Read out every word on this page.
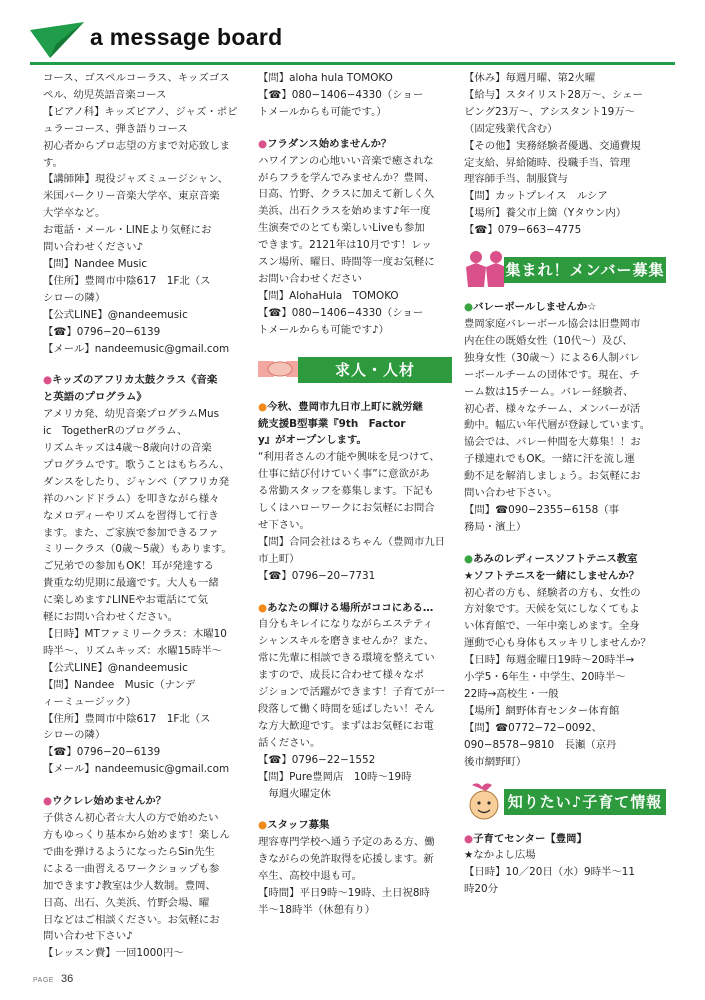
a message board

コース、ゴスペルコーラス、キッズゴス

ペル、幼児英語音楽コース

【ピアノ科】キッズピアノ、ジャズ・ポピ

ュラーコース、弾き語りコース

初心者からプロ志望の方まで対応致します。

【講師陣】現役ジャズミュージシャン、

米国バークリー音楽大学卒、東京音楽

大学卒など。

お電話・メール・LINEより気軽にお

問い合わせください♪

【問】Nandee Music

【住所】豊岡市中陰617　1F北（ス

シローの隣）

【公式LINE】@nandeemusic

【☎】0796−20−6139

【メール】nandeemusic@gmail.com

●キッズのアフリカ太鼓クラス《音楽

と英語のプログラム》

アメリカ発、幼児音楽プログラムMus

ic　TogetherRのプログラム、

リズムキッズは4歳〜8歳向けの音楽

プログラムです。歌うことはもちろん、

ダンスをしたり、ジャンベ（アフリカ発

祥のハンドドラム）を叩きながら様々

なメロディーやリズムを習得して行き

ます。また、ご家族で参加できるファ

ミリークラス（0歳〜5歳）もあります。

ご兄弟での参加もOK！耳が発達する

貴重な幼児期に最適です。大人も一緒

に楽しめます♪LINEやお電話にて気

軽にお問い合わせください。

【日時】MTファミリークラス：木曜10

時半〜、リズムキッズ：水曜15時半〜

【公式LINE】@nandeemusic

【問】Nandee　Music（ナンデ

ィーミュージック）

【住所】豊岡市中陰617　1F北（ス

シローの隣）

【☎】0796−20−6139

【メール】nandeemusic@gmail.com

●ウクレレ始めませんか？

子供さん初心者☆大人の方で始めたい

方もゆっくり基本から始めます！楽しん

で曲を弾けるようになったらSin先生

による一曲習えるワークショップも参

加できます♪教室は少人数制。豊岡、

日高、出石、久美浜、竹野会場、曜

日などはご相談ください。お気軽にお

問い合わせ下さい♪

【レッスン費】一回1000円〜

【問】aloha hula TOMOKO

【☎】080−1406−4330（ショー

トメールからも可能です。）

●フラダンス始めませんか？

ハワイアンの心地いい音楽で癒されな

がらフラを学んでみませんか？豊岡、

日高、竹野、クラスに加えて新しく久

美浜、出石クラスを始めます♪年一度

生演奏でのとても楽しいLiveも参加

できます。2121年は10月です！レッ

スン場所、曜日、時間等一度お気軽に

お問い合わせください

【問】AlohaHula　TOMOKO

【☎】080−1406−4330（ショー

トメールからも可能です♪）

求人・人材

●今秋、豊岡市九日市上町に就労継

続支援B型事業『9th　Factor

y』がオープンします。

“利用者さんの才能や興味を見つけて、

仕事に結び付けていく事”に意欲があ

る常勤スタッフを募集します。下記も

しくはハローワークにお気軽にお問合

せ下さい。

【問】合同会社はるちゃん（豊岡市九日

市上町）

【☎】0796−20−7731

●あなたの輝ける場所がココにある…

自分もキレイになりながらエステティ

シャンスキルを磨きませんか？また、

常に先輩に相談できる環境を整えてい

ますので、成長に合わせて様々なポ

ジションで活躍ができます！子育てが一

段落して働く時間を延ばしたい！そん

な方大歓迎です。まずはお気軽にお電

話ください。

【☎】0796−22−1552

【問】Pure豊岡店　10時〜19時

　毎週火曜定休

●スタッフ募集

理容専門学校へ通う予定のある方、働

きながらの免許取得を応援します。新

卒生、高校中退も可。

【時間】平日9時〜19時、土日祝8時

半〜18時半（休憩有り）

【休み】毎週月曜、第2火曜

【給与】スタイリスト28万〜、シェー

ビング23万〜、アシスタント19万〜

（固定残業代含む）

【その他】実務経験者優遇、交通費規

定支給、昇給随時、役職手当、管理

理容師手当、制服貸与

【問】カットプレイス　ルシア

【場所】養父市上箇（Yタウン内）

【☎】079−663−4775

集まれ！メンバー募集

●バレーボールしませんか☆

豊岡家庭バレーボール協会は旧豊岡市

内在住の既婚女性（10代〜）及び、

独身女性（30歳〜）による6人制バレ

ーボールチームの団体です。現在、チ

ーム数は15チーム。バレー経験者、

初心者、様々なチーム、メンバーが活

動中。幅広い年代層が登録しています。

協会では、バレー仲間を大募集！！お

子様連れでもOK。一緒に汗を流し運

動不足を解消しましょう。お気軽にお

問い合わせ下さい。

【問】☎090−2355−6158（事

務局・濱上）

●あみのレディースソフトテニス教室

★ソフトテニスを一緒にしませんか？

初心者の方も、経験者の方も、女性の

方対象です。天候を気にしなくてもよ

い体育館で、一年中楽しめます。全身

運動で心も身体もスッキリしませんか？

【日時】毎週金曜日19時〜20時半→

小学5・6年生・中学生、20時半〜

22時→高校生・一般

【場所】網野体育センター体育館

【問】☎0772−72−0092、

090−8578−9810　長瀬（京丹

後市網野町）

知りたい♪子育て情報

●子育てセンター【豊岡】

★なかよし広場

【日時】10／20日（水）9時半〜11

時20分

PAGE 36
